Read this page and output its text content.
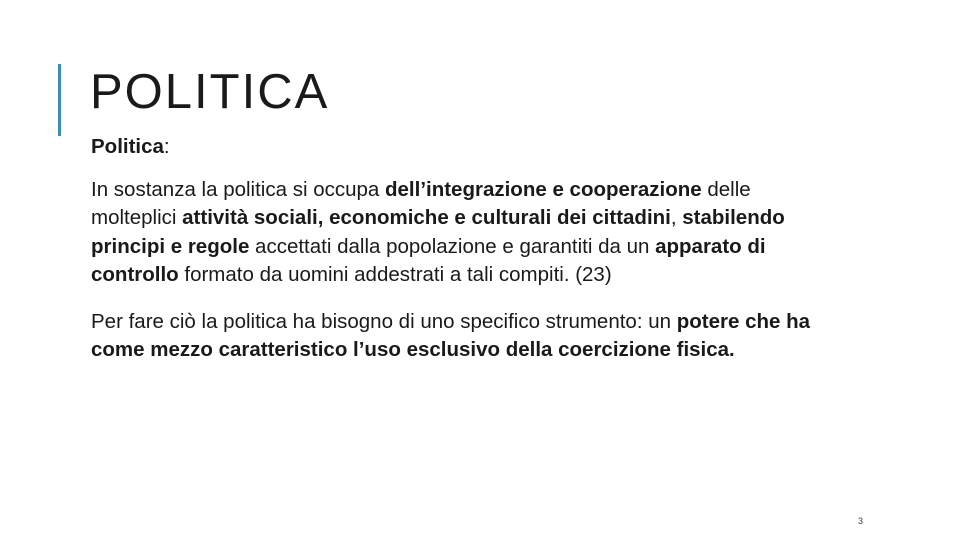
POLITICA

Politica:

In sostanza la politica si occupa dell’integrazione e cooperazione delle molteplici attività sociali, economiche e culturali dei cittadini, stabilendo principi e regole accettati dalla popolazione e garantiti da un apparato di controllo formato da uomini addestrati a tali compiti. (23)

Per fare ciò la politica ha bisogno di uno specifico strumento: un potere che ha come mezzo caratteristico l’uso esclusivo della coercizione fisica.

3
